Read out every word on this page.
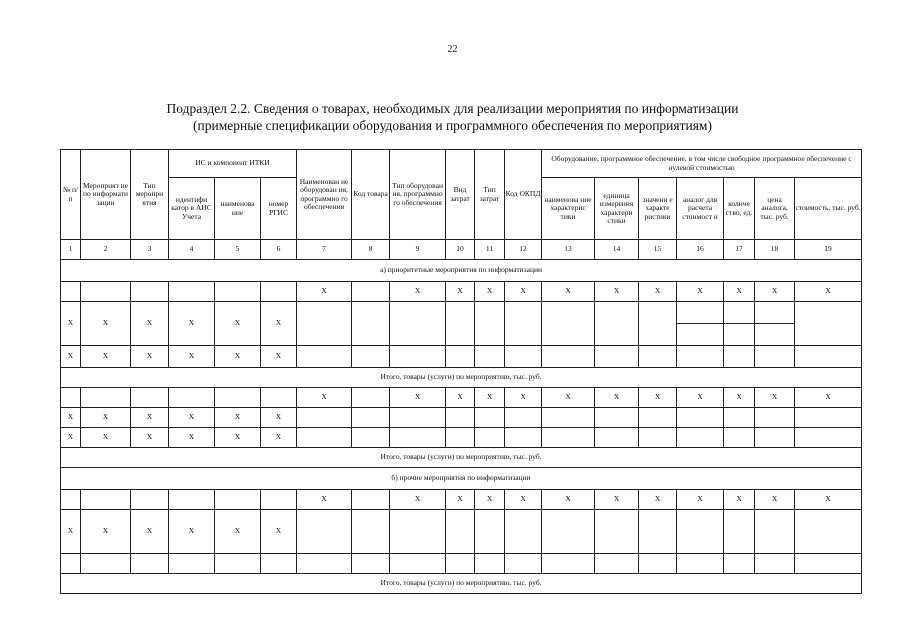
22
Подраздел 2.2. Сведения о товарах, необходимых для реализации мероприятия по информатизации
(примерные спецификации оборудования и программного обеспечения по мероприятиям)
№ п/п	Мероприят ие по информати зации	Тип меропри ятия	ИС и компонент ИТКИ			Наименован ие оборудован ия, программно го обеспечения	Код товара	Тип оборудован ия, программно го обеспечения	Вид затрат	Тип затрат	Код ОКПД	Оборудование, программное обеспечение, в том числе свободное программное обеспечение с нулевой стоимостью						
			идентифи катор в АИС Учета	наименова ние	номер РГИС							наименова ние характерис тики	единица измерения характери стики	значени е характе ристики	аналог для расчета стоимост и	количе ство, ед.	цена аналога, тыс. руб.	стоимость, тыс. руб.
1	2	3	4	5	6	7	8	9	10	11	12	13	14	15	16	17	18	19
а) приоритетные мероприятия по информатизации																		
						X		X	X	X	X	X	X	X	X	X	X	X
X	X	X	X	X	X													

X	X	X	X	X	X													
Итого, товары (услуги) по мероприятию, тыс. руб.																		
						X		X	X	X	X	X	X	X	X	X	X	X
X	X	X	X	X	X													
X	X	X	X	X	X													
Итого, товары (услуги) по мероприятию, тыс. руб.																		
б) прочие мероприятия по информатизации																		
						X		X	X	X	X	X	X	X	X	X	X	X
X	X	X	X	X	X													

Итого, товары (услуги) по мероприятию, тыс. руб.																		
